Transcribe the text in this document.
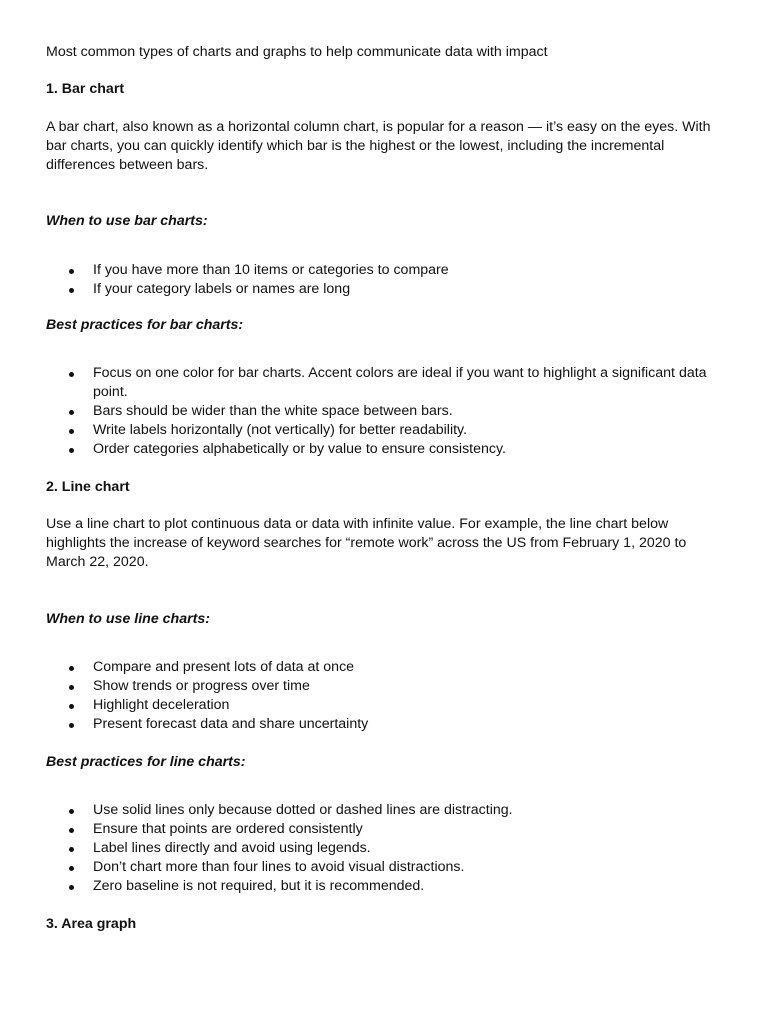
Most common types of charts and graphs to help communicate data with impact

1. Bar chart

A bar chart, also known as a horizontal column chart, is popular for a reason — it’s easy on the eyes. With bar charts, you can quickly identify which bar is the highest or the lowest, including the incremental differences between bars.

When to use bar charts:

If you have more than 10 items or categories to compare
If your category labels or names are long

Best practices for bar charts:

Focus on one color for bar charts. Accent colors are ideal if you want to highlight a significant data point.
Bars should be wider than the white space between bars.
Write labels horizontally (not vertically) for better readability.
Order categories alphabetically or by value to ensure consistency.

2. Line chart

Use a line chart to plot continuous data or data with infinite value. For example, the line chart below highlights the increase of keyword searches for “remote work” across the US from February 1, 2020 to March 22, 2020.

When to use line charts:

Compare and present lots of data at once
Show trends or progress over time
Highlight deceleration
Present forecast data and share uncertainty

Best practices for line charts:

Use solid lines only because dotted or dashed lines are distracting.
Ensure that points are ordered consistently
Label lines directly and avoid using legends.
Don’t chart more than four lines to avoid visual distractions.
Zero baseline is not required, but it is recommended.

3. Area graph
